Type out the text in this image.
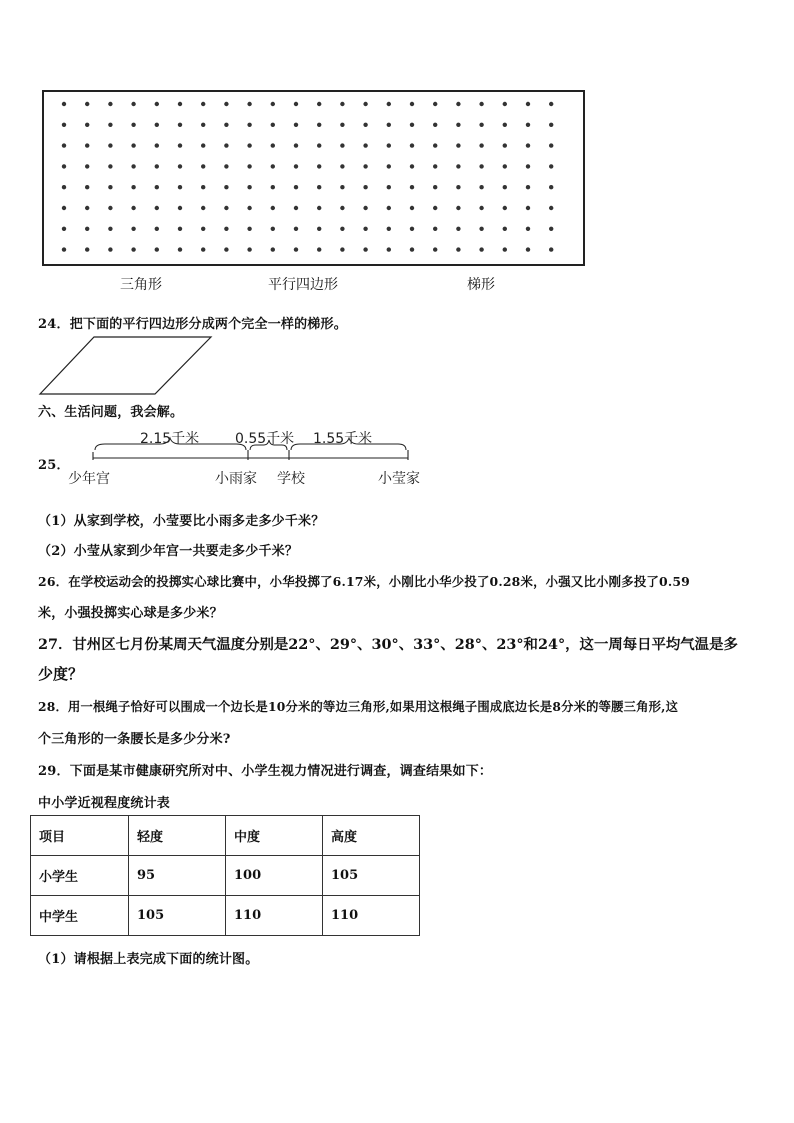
三角形	平行四边形	梯形
24．把下面的平行四边形分成两个完全一样的梯形。
六、生活问题，我会解。
25．
2.15千米	0.55千米 1.55千米
少年宫	小雨家 学校	小莹家
（1）从家到学校，小莹要比小雨多走多少千米？
（2）小莹从家到少年宫一共要走多少千米？
26．在学校运动会的投掷实心球比赛中，小华投掷了6.17米，小刚比小华少投了0.28米，小强又比小刚多投了0.59
米，小强投掷实心球是多少米？
27．甘州区七月份某周天气温度分别是22°、29°、30°、33°、28°、23°和24°，这一周每日平均气温是多
少度？
28．用一根绳子恰好可以围成一个边长是10分米的等边三角形,如果用这根绳子围成底边长是8分米的等腰三角形,这
个三角形的一条腰长是多少分米?
29．下面是某市健康研究所对中、小学生视力情况进行调查，调查结果如下：
中小学近视程度统计表
项目	轻度	中度	高度
小学生	95	100	105
中学生	105	110	110
（1）请根据上表完成下面的统计图。
